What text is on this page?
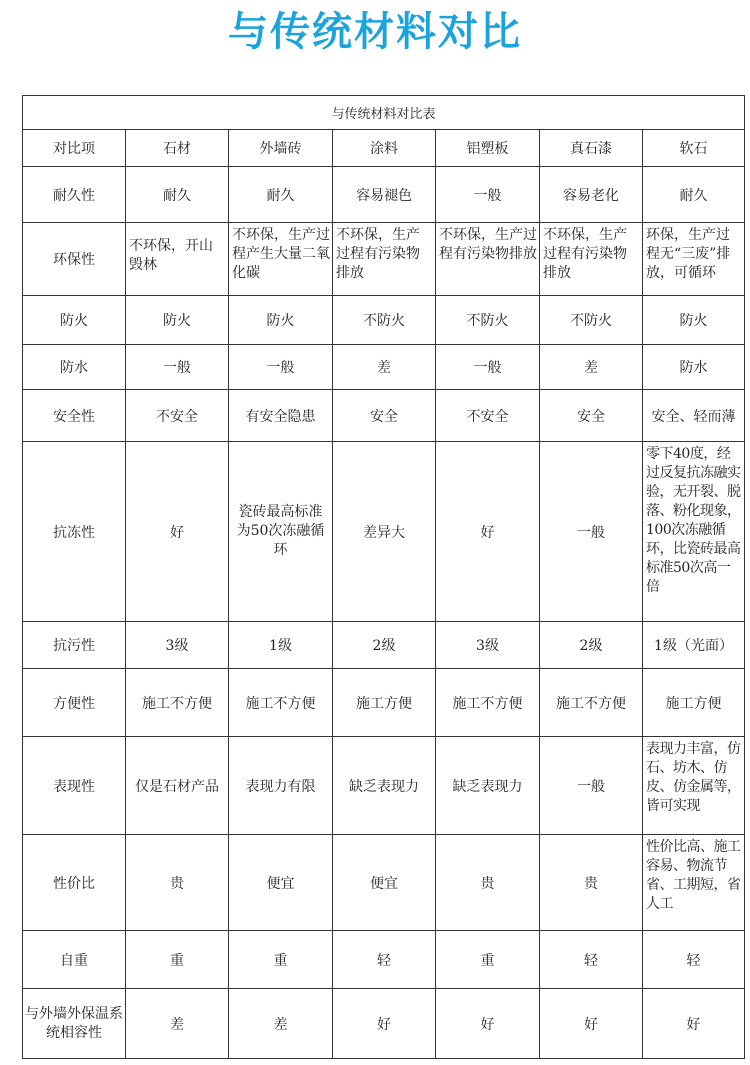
与传统材料对比
与传统材料对比表						
对比项	石材	外墙砖	涂料	铝塑板	真石漆	软石
耐久性	耐久	耐久	容易褪色	一般	容易老化	耐久
环保性	不环保，开山毁林	不环保，生产过程产生大量二氧化碳	不环保，生产过程有污染物排放	不环保，生产过程有污染物排放	不环保，生产过程有污染物排放	环保，生产过程无“三废”排放，可循环
防火	防火	防火	不防火	不防火	不防火	防火
防水	一般	一般	差	一般	差	防水
安全性	不安全	有安全隐患	安全	不安全	安全	安全、轻而薄
抗冻性	好	瓷砖最高标准为50次冻融循环	差异大	好	一般	零下40度，经过反复抗冻融实验，无开裂、脱落、粉化现象，100次冻融循环，比瓷砖最高标准50次高一倍
抗污性	3级	1级	2级	3级	2级	1级（光面）
方便性	施工不方便	施工不方便	施工方便	施工不方便	施工不方便	施工方便
表现性	仅是石材产品	表现力有限	缺乏表现力	缺乏表现力	一般	表现力丰富，仿石、坊木、仿皮、仿金属等，皆可实现
性价比	贵	便宜	便宜	贵	贵	性价比高、施工容易、物流节省、工期短，省人工
自重	重	重	轻	重	轻	轻
与外墙外保温系统相容性	差	差	好	好	好	好
